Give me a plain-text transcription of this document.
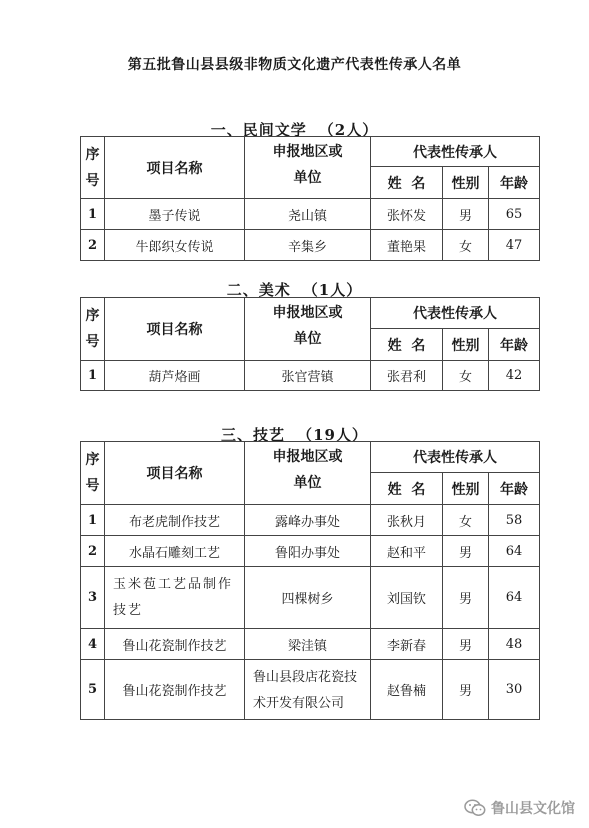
第五批鲁山县县级非物质文化遗产代表性传承人名单
一、民间文学 （2人）
序
号	项目名称	申报地区或
单位	代表性传承人		
			姓  名	性别	年龄
1	墨子传说	尧山镇	张怀发	男	65
2	牛郎织女传说	辛集乡	董艳果	女	47
二、美术 （1人）
序
号	项目名称	申报地区或
单位	代表性传承人		
			姓  名	性别	年龄
1	葫芦烙画	张官营镇	张君利	女	42
三、技艺 （19人）
序
号	项目名称	申报地区或
单位	代表性传承人		
			姓  名	性别	年龄
1	布老虎制作技艺	露峰办事处	张秋月	女	58
2	水晶石雕刻工艺	鲁阳办事处	赵和平	男	64
3	玉米苞工艺品制作技艺	四棵树乡	刘国钦	男	64
4	鲁山花瓷制作技艺	梁洼镇	李新春	男	48
5	鲁山花瓷制作技艺	鲁山县段店花瓷技术开发有限公司	赵鲁楠	男	30
鲁山县文化馆
